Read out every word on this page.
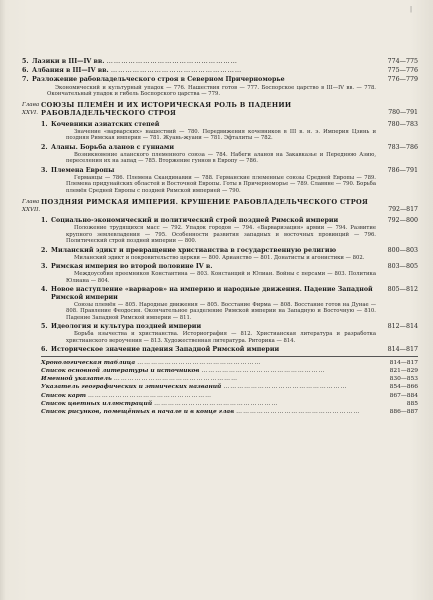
|
5. Лазики в III—IV вв. ………………………………………………	774—775
6. Албания в III—IV вв. ………………………………………………	775—776
7. Разложение рабовладельческого строя в Северном Причерноморье	776—779
Экономический и культурный упадок — 776. Нашествия готов — 777. Боспорское царство в III—IV вв. — 778. Окончательный упадок и гибель Боспорского царства — 779.
Глава XXVI.
СОЮЗЫ ПЛЕМЁН И ИХ ИСТОРИЧЕСКАЯ РОЛЬ В ПАДЕНИИ РАБОВЛАДЕЛЬЧЕСКОГО СТРОЯ	780—791
1. Кочевники азиатских степей	780—783
Значение «варварских» нашествий — 780. Передвижения кочевников в III в. н. э. Империя Цзинь и поздняя Римская империя — 781. Жуань-жуани — 781. Эфталиты — 782.
2. Аланы. Борьба аланов с гуннами	783—786
Возникновение аланского племенного союза — 784. Набеги аланов на Закавказье и Переднюю Азию, переселения их на запад — 785. Вторжение гуннов в Европу — 786.
3. Племена Европы	786—791
Германцы — 786. Племена Скандинавии — 788. Германские племенные союзы Средней Европы — 789. Племена придунайских областей и Восточной Европы. Готы в Причерноморье — 789. Славяне — 790. Борьба племён Средней Европы с поздней Римской империей — 790.
Глава XXVII.
ПОЗДНЯЯ РИМСКАЯ ИМПЕРИЯ. КРУШЕНИЕ РАБОВЛАДЕЛЬЧЕСКОГО СТРОЯ
792—817
1. Социально-экономический и политический строй поздней Римской империи	792—800
Положение трудящихся масс — 792. Упадок городов — 794. «Варваризация» армии — 794. Развитие крупного землевладения — 795. Особенности развития западных и восточных провинций — 796. Политический строй поздней империи — 800.
2. Миланский эдикт и превращение христианства в государственную религию	800—803
Миланский эдикт и покровительство церкви — 800. Арианство — 801. Донатисты и агонистики — 802.
3. Римская империя во второй половине IV в.	803—805
Междоусобия преемников Константина — 803. Констанций и Юлиан. Войны с персами — 803. Политика Юлиана — 804.
4. Новое наступление «варваров» на империю и народные движения. Падение Западной Римской империи
805—812
Союзы племён — 805. Народные движения — 805. Восстание Фирма — 808. Восстание готов на Дунае — 808. Правление Феодосия. Окончательное разделение Римской империи на Западную и Восточную — 810. Падение Западной Римской империи — 811.
5. Идеология и культура поздней империи	812—814
Борьба язычества и христианства. Историография — 812. Христианская литература и разработка христианского вероучения — 813. Художественная литература. Риторика — 814.
6. Историческое значение падения Западной Римской империи	814—817
Хронологическая таблица ………………………………………………	814—817
Список основной литературы и источников ………………………………………………	821—829
Именной указатель ………………………………………………	830—853
Указатель географических и этнических названий ………………………………………………	854—866
Список карт ………………………………………………	867—884
Список цветных иллюстраций ………………………………………………	885
Список рисунков, помещённых в начале и в конце глав ………………………………………………	886—887
